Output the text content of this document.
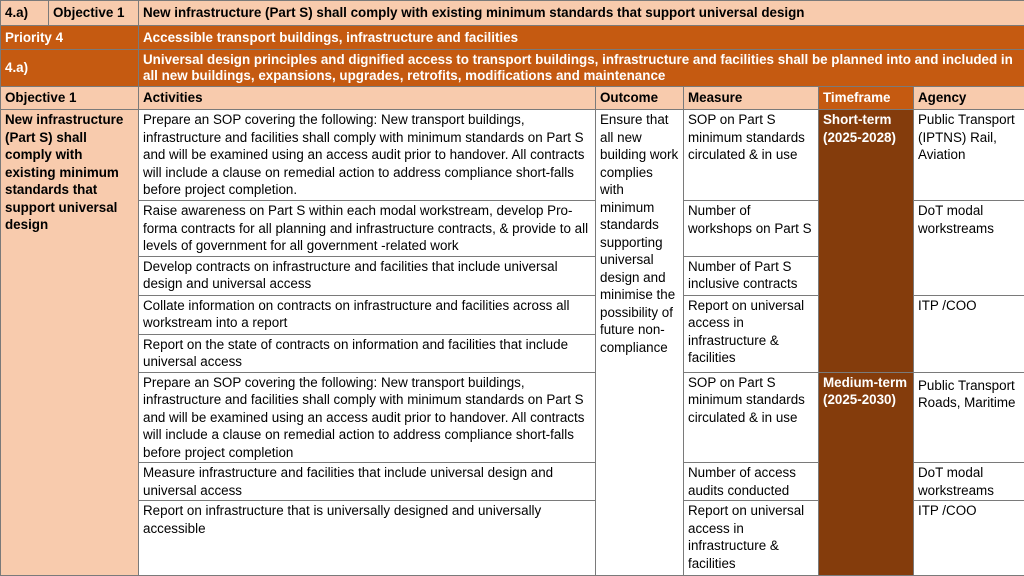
4.a)	Objective 1	New infrastructure (Part S) shall comply with existing minimum standards that support universal design				
Priority 4		Accessible transport buildings, infrastructure and facilities				
4.a)		Universal design principles and dignified access to transport buildings, infrastructure and facilities shall be planned into and included in all new buildings, expansions, upgrades, retrofits, modifications and maintenance				
Objective 1		Activities	Outcome	Measure	Timeframe	Agency
New infrastructure (Part S) shall comply with existing minimum standards that support universal design		Prepare an SOP covering the following: New transport buildings, infrastructure and facilities shall comply with minimum standards on Part S and will be examined using an access audit prior to handover. All contracts will include a clause on remedial action to address compliance short-falls before project completion.	Ensure that all new building work complies with minimum standards supporting universal design and minimise the possibility of future non-compliance	SOP on Part S minimum standards circulated & in use	Short-term (2025-2028)	Public Transport (IPTNS) Rail, Aviation
		Raise awareness on Part S within each modal workstream, develop Pro-forma contracts for all planning and infrastructure contracts, & provide to all levels of government for all government -related work		Number of workshops on Part S		DoT modal workstreams
		Develop contracts on infrastructure and facilities that include universal design and universal access		Number of Part S inclusive contracts		
		Collate information on contracts on infrastructure and facilities across all workstream into a report		Report on universal access in infrastructure & facilities		ITP /COO
		Report on the state of contracts on information and facilities that include universal access				
		Prepare an SOP covering the following: New transport buildings, infrastructure and facilities shall comply with minimum standards on Part S and will be examined using an access audit prior to handover. All contracts will include a clause on remedial action to address compliance short-falls before project completion		SOP on Part S minimum standards circulated & in use	Medium-term (2025-2030)	Public Transport Roads, Maritime
		Measure infrastructure and facilities that include universal design and universal access		Number of access audits conducted		DoT modal workstreams
		Report on infrastructure that is universally designed and universally accessible		Report on universal access in infrastructure & facilities		ITP /COO
